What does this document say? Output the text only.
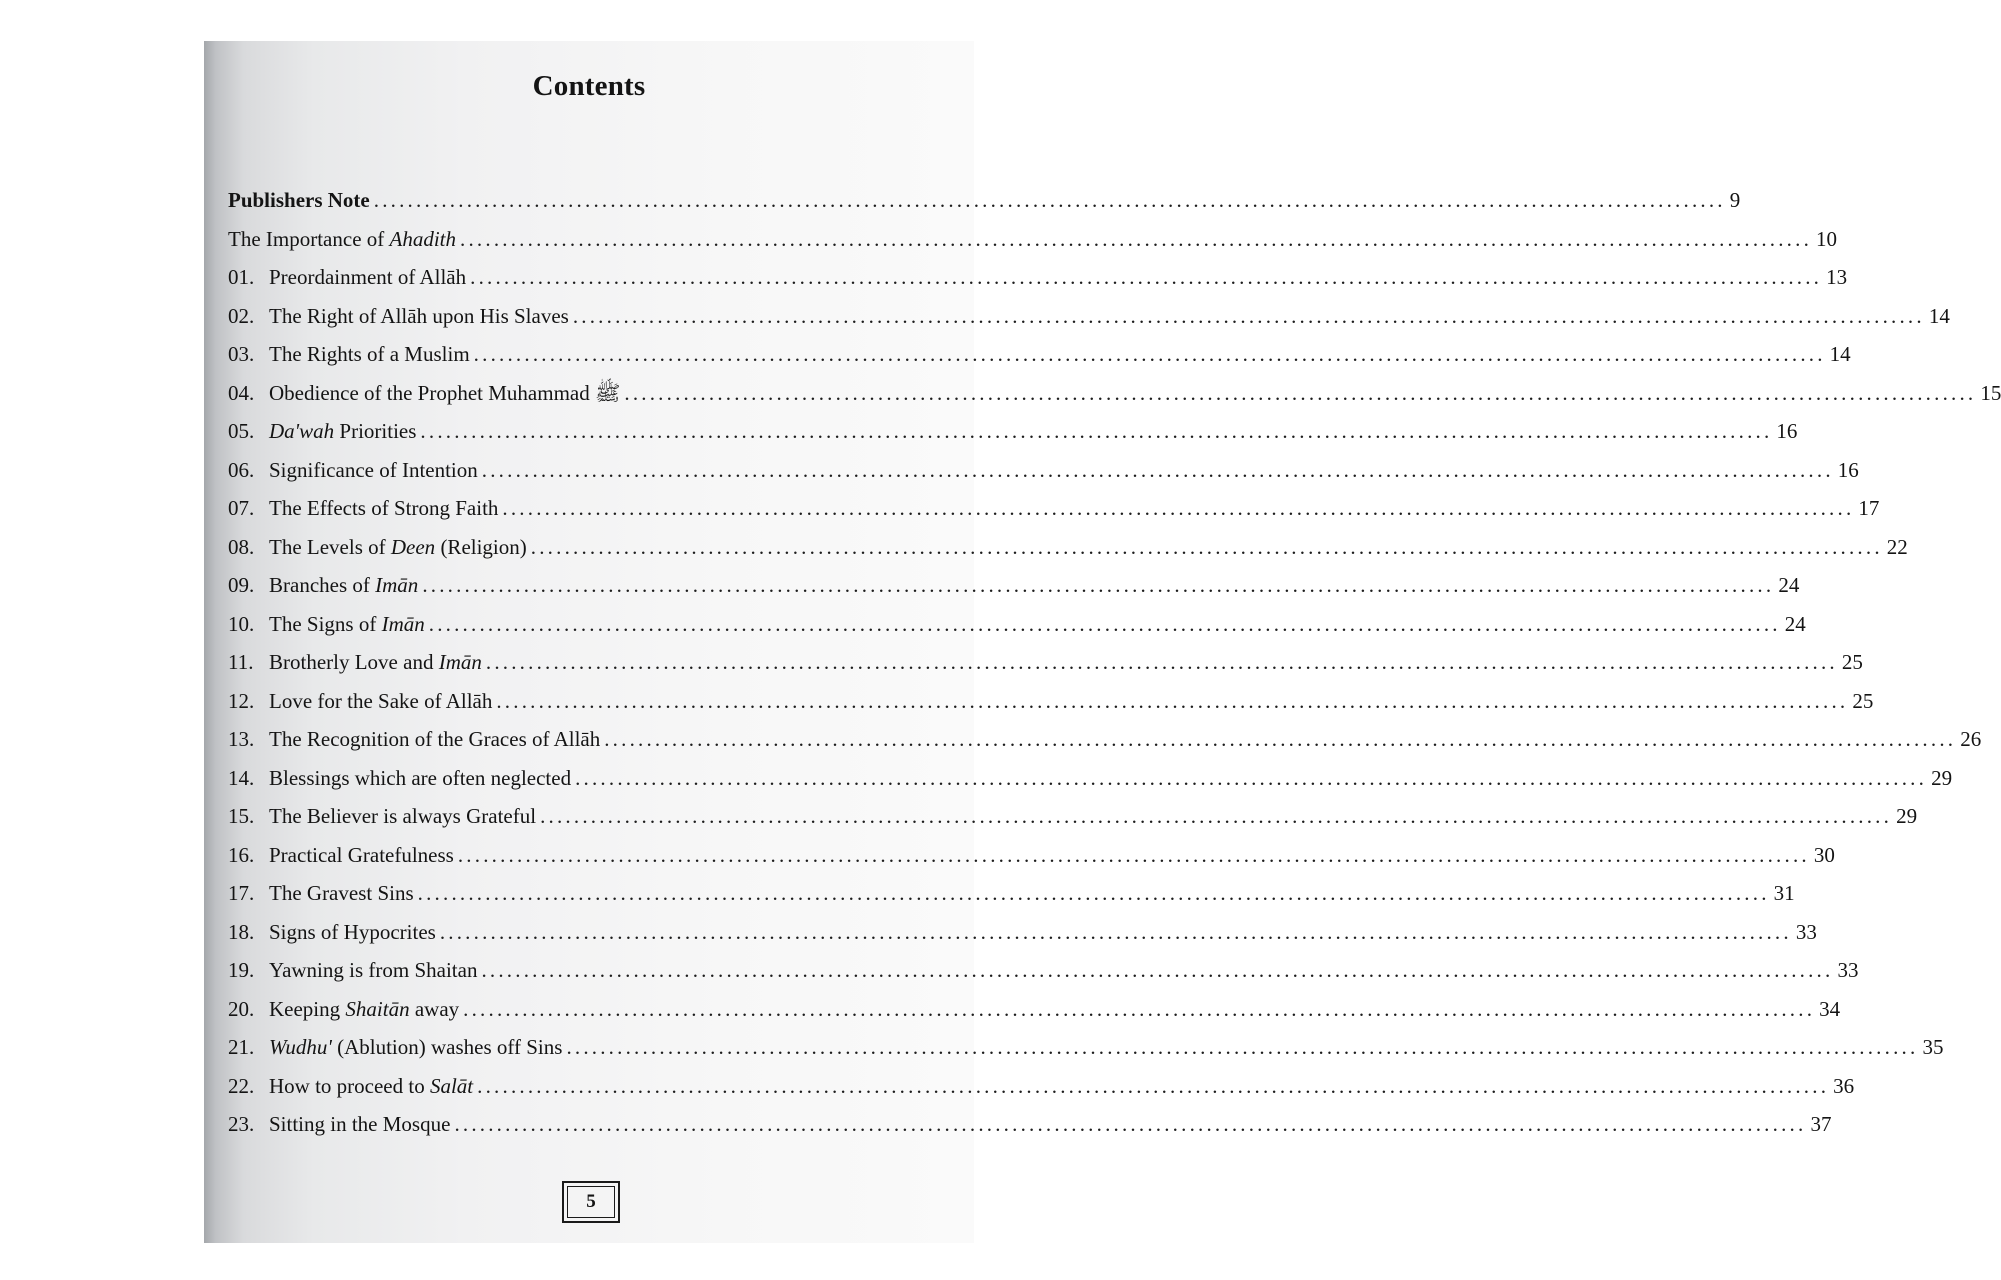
Contents
Publishers Note ................................................................................................................................................................ 9
The Importance of Ahadith ................................................................................................................................................................ 10
01. Preordainment of Allāh ................................................................................................................................................................ 13
02. The Right of Allāh upon His Slaves ................................................................................................................................................................ 14
03. The Rights of a Muslim ................................................................................................................................................................ 14
04. Obedience of the Prophet Muhammad ﷺ ................................................................................................................................................................ 15
05. Da'wah Priorities ................................................................................................................................................................ 16
06. Significance of Intention ................................................................................................................................................................ 16
07. The Effects of Strong Faith ................................................................................................................................................................ 17
08. The Levels of Deen (Religion) ................................................................................................................................................................ 22
09. Branches of Imān ................................................................................................................................................................ 24
10. The Signs of Imān ................................................................................................................................................................ 24
11. Brotherly Love and Imān ................................................................................................................................................................ 25
12. Love for the Sake of Allāh ................................................................................................................................................................ 25
13. The Recognition of the Graces of Allāh ................................................................................................................................................................ 26
14. Blessings which are often neglected ................................................................................................................................................................ 29
15. The Believer is always Grateful ................................................................................................................................................................ 29
16. Practical Gratefulness ................................................................................................................................................................ 30
17. The Gravest Sins ................................................................................................................................................................ 31
18. Signs of Hypocrites ................................................................................................................................................................ 33
19. Yawning is from Shaitan ................................................................................................................................................................ 33
20. Keeping Shaitān away ................................................................................................................................................................ 34
21. Wudhu' (Ablution) washes off Sins ................................................................................................................................................................ 35
22. How to proceed to Salāt ................................................................................................................................................................ 36
23. Sitting in the Mosque ................................................................................................................................................................ 37
5
